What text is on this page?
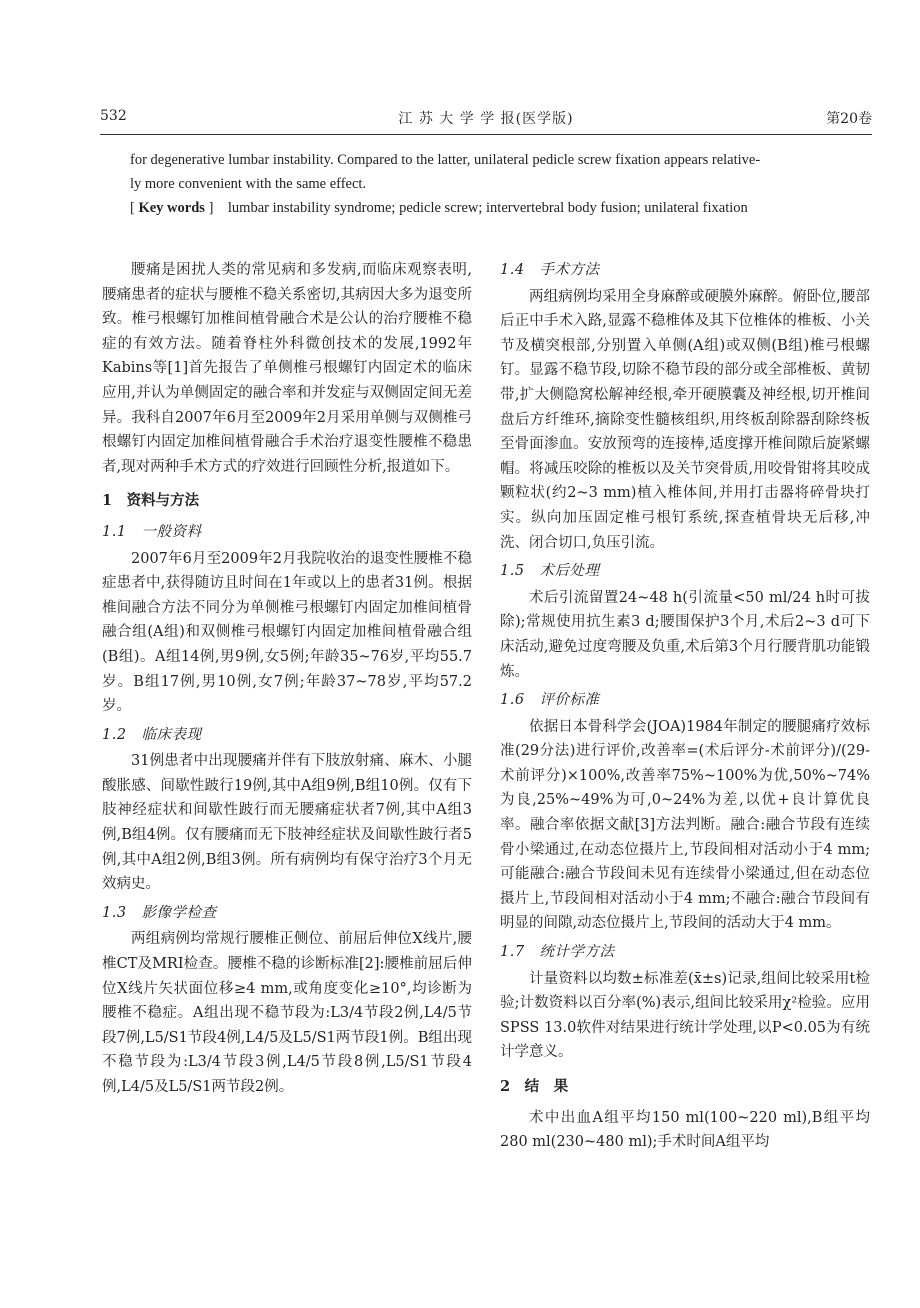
532	江 苏 大 学 学 报(医学版)	第20卷

for degenerative lumbar instability. Compared to the latter, unilateral pedicle screw fixation appears relative-

ly more convenient with the same effect.

[ Key words ]    lumbar instability syndrome; pedicle screw; intervertebral body fusion; unilateral fixation

腰痛是困扰人类的常见病和多发病,而临床观察表明,腰痛患者的症状与腰椎不稳关系密切,其病因大多为退变所致。椎弓根螺钉加椎间植骨融合术是公认的治疗腰椎不稳症的有效方法。随着脊柱外科微创技术的发展,1992年Kabins等[1]首先报告了单侧椎弓根螺钉内固定术的临床应用,并认为单侧固定的融合率和并发症与双侧固定间无差异。我科自2007年6月至2009年2月采用单侧与双侧椎弓根螺钉内固定加椎间植骨融合手术治疗退变性腰椎不稳患者,现对两种手术方式的疗效进行回顾性分析,报道如下。

1　资料与方法
1.1　一般资料

2007年6月至2009年2月我院收治的退变性腰椎不稳症患者中,获得随访且时间在1年或以上的患者31例。根据椎间融合方法不同分为单侧椎弓根螺钉内固定加椎间植骨融合组(A组)和双侧椎弓根螺钉内固定加椎间植骨融合组(B组)。A组14例,男9例,女5例;年龄35~76岁,平均55.7岁。B组17例,男10例,女7例;年龄37~78岁,平均57.2岁。

1.2　临床表现

31例患者中出现腰痛并伴有下肢放射痛、麻木、小腿酸胀感、间歇性跛行19例,其中A组9例,B组10例。仅有下肢神经症状和间歇性跛行而无腰痛症状者7例,其中A组3例,B组4例。仅有腰痛而无下肢神经症状及间歇性跛行者5例,其中A组2例,B组3例。所有病例均有保守治疗3个月无效病史。

1.3　影像学检查

两组病例均常规行腰椎正侧位、前屈后伸位X线片,腰椎CT及MRI检查。腰椎不稳的诊断标准[2]:腰椎前屈后伸位X线片矢状面位移≥4 mm,或角度变化≥10°,均诊断为腰椎不稳症。A组出现不稳节段为:L3/4节段2例,L4/5节段7例,L5/S1节段4例,L4/5及L5/S1两节段1例。B组出现不稳节段为:L3/4节段3例,L4/5节段8例,L5/S1节段4例,L4/5及L5/S1两节段2例。

1.4　手术方法

两组病例均采用全身麻醉或硬膜外麻醉。俯卧位,腰部后正中手术入路,显露不稳椎体及其下位椎体的椎板、小关节及横突根部,分别置入单侧(A组)或双侧(B组)椎弓根螺钉。显露不稳节段,切除不稳节段的部分或全部椎板、黄韧带,扩大侧隐窝松解神经根,牵开硬膜囊及神经根,切开椎间盘后方纤维环,摘除变性髓核组织,用终板刮除器刮除终板至骨面渗血。安放预弯的连接棒,适度撑开椎间隙后旋紧螺帽。将减压咬除的椎板以及关节突骨质,用咬骨钳将其咬成颗粒状(约2~3 mm)植入椎体间,并用打击器将碎骨块打实。纵向加压固定椎弓根钉系统,探查植骨块无后移,冲洗、闭合切口,负压引流。

1.5　术后处理

术后引流留置24~48 h(引流量<50 ml/24 h时可拔除);常规使用抗生素3 d;腰围保护3个月,术后2~3 d可下床活动,避免过度弯腰及负重,术后第3个月行腰背肌功能锻炼。

1.6　评价标准

依据日本骨科学会(JOA)1984年制定的腰腿痛疗效标准(29分法)进行评价,改善率=(术后评分-术前评分)/(29-术前评分)×100%,改善率75%~100%为优,50%~74%为良,25%~49%为可,0~24%为差,以优+良计算优良率。融合率依据文献[3]方法判断。融合:融合节段有连续骨小梁通过,在动态位摄片上,节段间相对活动小于4 mm;可能融合:融合节段间未见有连续骨小梁通过,但在动态位摄片上,节段间相对活动小于4 mm;不融合:融合节段间有明显的间隙,动态位摄片上,节段间的活动大于4 mm。

1.7　统计学方法

计量资料以均数±标准差(x̄±s)记录,组间比较采用t检验;计数资料以百分率(%)表示,组间比较采用χ²检验。应用SPSS 13.0软件对结果进行统计学处理,以P<0.05为有统计学意义。

2　结　果

术中出血A组平均150 ml(100~220 ml),B组平均280 ml(230~480 ml);手术时间A组平均
